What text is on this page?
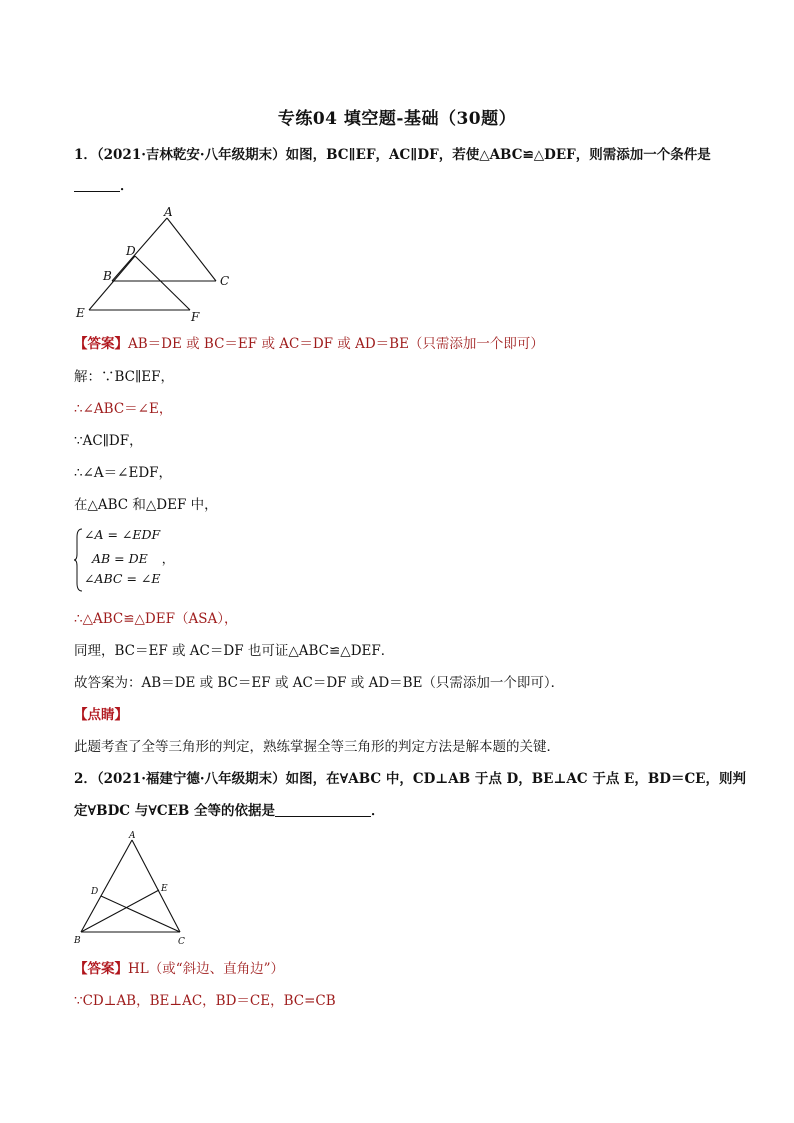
专练04 填空题-基础（30题）
1．（2021·吉林乾安·八年级期末）如图，BC∥EF，AC∥DF，若使△ABC≌△DEF，则需添加一个条件是
．
A
D
B	C
E	F
【答案】AB＝DE 或 BC＝EF 或 AC＝DF 或 AD＝BE（只需添加一个即可）
解：∵BC∥EF，
∴∠ABC＝∠E，
∵AC∥DF，
∴∠A＝∠EDF，
在△ABC 和△DEF 中，
∠A = ∠EDF
AB = DE ，
∠ABC = ∠E
∴△ABC≌△DEF（ASA），
同理，BC＝EF 或 AC＝DF 也可证△ABC≌△DEF．
故答案为：AB＝DE 或 BC＝EF 或 AC＝DF 或 AD＝BE（只需添加一个即可）．
【点睛】
此题考查了全等三角形的判定，熟练掌握全等三角形的判定方法是解本题的关键．
2．（2021·福建宁德·八年级期末）如图，在∀ABC 中，CD⊥AB 于点 D，BE⊥AC 于点 E，BD＝CE，则判
定∀BDC 与∀CEB 全等的依据是	．
A
D	E
B	C
【答案】HL（或“斜边、直角边”）
∵CD⊥AB，BE⊥AC，BD＝CE，BC=CB
